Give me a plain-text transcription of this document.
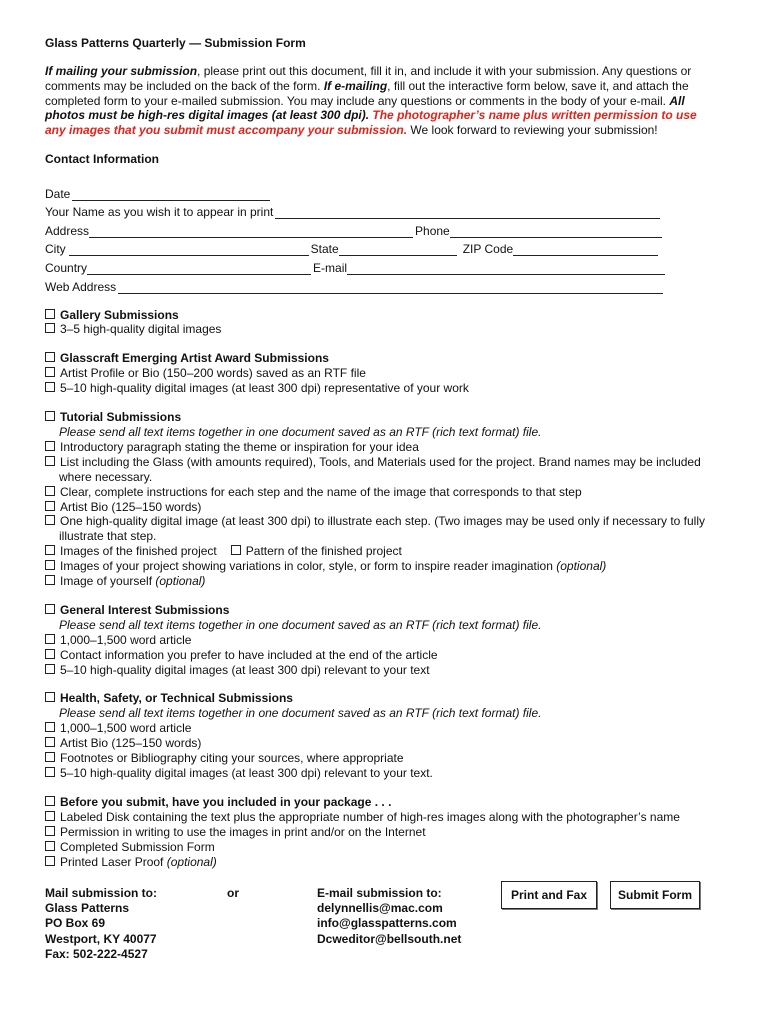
Glass Patterns Quarterly — Submission Form
If mailing your submission, please print out this document, fill it in, and include it with your submission. Any questions or comments may be included on the back of the form. If e-mailing, fill out the interactive form below, save it, and attach the completed form to your e-mailed submission. You may include any questions or comments in the body of your e-mail. All photos must be high-res digital images (at least 300 dpi). The photographer’s name plus written permission to use any images that you submit must accompany your submission. We look forward to reviewing your submission!
Contact Information
Date
Your Name as you wish it to appear in print
Address	Phone
City	State	ZIP Code
Country	E-mail
Web Address
Gallery Submissions
3–5 high-quality digital images
Glasscraft Emerging Artist Award Submissions
Artist Profile or Bio (150–200 words) saved as an RTF file
5–10 high-quality digital images (at least 300 dpi) representative of your work
Tutorial Submissions
Please send all text items together in one document saved as an RTF (rich text format) file.
Introductory paragraph stating the theme or inspiration for your idea
List including the Glass (with amounts required), Tools, and Materials used for the project. Brand names may be included
where necessary.
Clear, complete instructions for each step and the name of the image that corresponds to that step
Artist Bio (125–150 words)
One high-quality digital image (at least 300 dpi) to illustrate each step. (Two images may be used only if necessary to fully
illustrate that step.
Images of the finished project Pattern of the finished project
Images of your project showing variations in color, style, or form to inspire reader imagination (optional)
Image of yourself (optional)
General Interest Submissions
Please send all text items together in one document saved as an RTF (rich text format) file.
1,000–1,500 word article
Contact information you prefer to have included at the end of the article
5–10 high-quality digital images (at least 300 dpi) relevant to your text
Health, Safety, or Technical Submissions
Please send all text items together in one document saved as an RTF (rich text format) file.
1,000–1,500 word article
Artist Bio (125–150 words)
Footnotes or Bibliography citing your sources, where appropriate
5–10 high-quality digital images (at least 300 dpi) relevant to your text.
Before you submit, have you included in your package . . .
Labeled Disk containing the text plus the appropriate number of high-res images along with the photographer’s name
Permission in writing to use the images in print and/or on the Internet
Completed Submission Form
Printed Laser Proof (optional)
Mail submission to:
Glass Patterns
PO Box 69
Westport, KY 40077
Fax: 502-222-4527
or	E-mail submission to:
delynnellis@mac.com
info@glasspatterns.com
Dcweditor@bellsouth.net
Print and Fax	Submit Form
